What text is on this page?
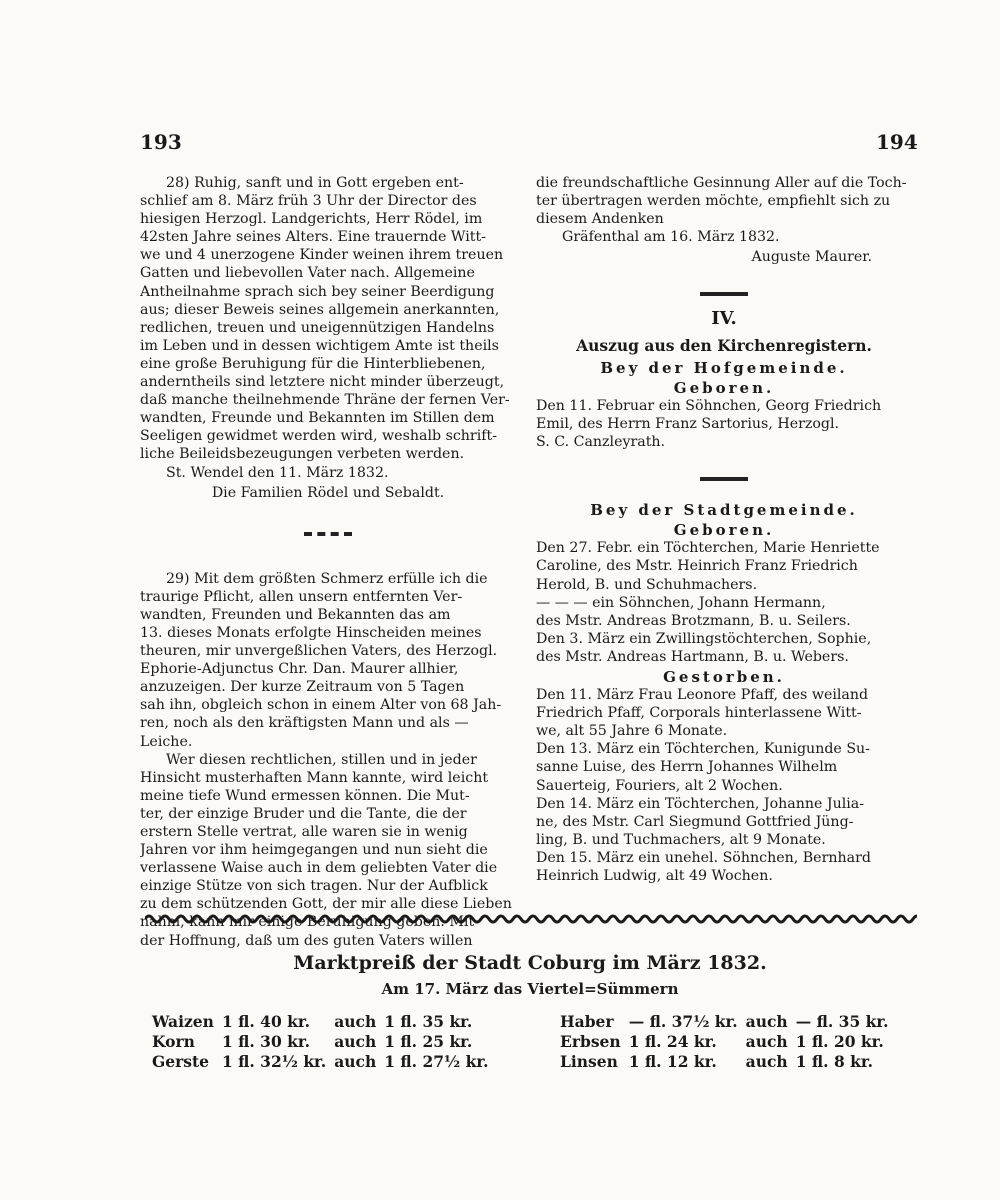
193	194
28) Ruhig, sanft und in Gott ergeben ent-
schlief am 8. März früh 3 Uhr der Director des
hiesigen Herzogl. Landgerichts, Herr Rödel, im
42sten Jahre seines Alters. Eine trauernde Witt-
we und 4 unerzogene Kinder weinen ihrem treuen
Gatten und liebevollen Vater nach. Allgemeine
Antheilnahme sprach sich bey seiner Beerdigung
aus; dieser Beweis seines allgemein anerkannten,
redlichen, treuen und uneigennützigen Handelns
im Leben und in dessen wichtigem Amte ist theils
eine große Beruhigung für die Hinterbliebenen,
anderntheils sind letztere nicht minder überzeugt,
daß manche theilnehmende Thräne der fernen Ver-
wandten, Freunde und Bekannten im Stillen dem
Seeligen gewidmet werden wird, weshalb schrift-
liche Beileidsbezeugungen verbeten werden.

St. Wendel den 11. März 1832.

Die Familien Rödel und Sebaldt.

29) Mit dem größten Schmerz erfülle ich die
traurige Pflicht, allen unsern entfernten Ver-
wandten, Freunden und Bekannten das am
13. dieses Monats erfolgte Hinscheiden meines
theuren, mir unvergeßlichen Vaters, des Herzogl.
Ephorie-Adjunctus Chr. Dan. Maurer allhier,
anzuzeigen. Der kurze Zeitraum von 5 Tagen
sah ihn, obgleich schon in einem Alter von 68 Jah-
ren, noch als den kräftigsten Mann und als —
Leiche.
Wer diesen rechtlichen, stillen und in jeder
Hinsicht musterhaften Mann kannte, wird leicht
meine tiefe Wund ermessen können. Die Mut-
ter, der einzige Bruder und die Tante, die der
erstern Stelle vertrat, alle waren sie in wenig
Jahren vor ihm heimgegangen und nun sieht die
verlassene Waise auch in dem geliebten Vater die
einzige Stütze von sich tragen. Nur der Aufblick
zu dem schützenden Gott, der mir alle diese Lieben
nahm, kann mir einige Beruhigung geben. Mit
der Hoffnung, daß um des guten Vaters willen
die freundschaftliche Gesinnung Aller auf die Toch-
ter übertragen werden möchte, empfiehlt sich zu
diesem Andenken

Gräfenthal am 16. März 1832.

Auguste Maurer.

IV.
Auszug aus den Kirchenregistern.
Bey der Hofgemeinde.
Geboren.

Den 11. Februar ein Söhnchen, Georg Friedrich
Emil, des Herrn Franz Sartorius, Herzogl.
S. C. Canzleyrath.

Bey der Stadtgemeinde.
Geboren.

Den 27. Febr. ein Töchterchen, Marie Henriette
Caroline, des Mstr. Heinrich Franz Friedrich
Herold, B. und Schuhmachers.

— — — ein Söhnchen, Johann Hermann,
des Mstr. Andreas Brotzmann, B. u. Seilers.

Den 3. März ein Zwillingstöchterchen, Sophie,
des Mstr. Andreas Hartmann, B. u. Webers.

Gestorben.

Den 11. März Frau Leonore Pfaff, des weiland
Friedrich Pfaff, Corporals hinterlassene Witt-
we, alt 55 Jahre 6 Monate.

Den 13. März ein Töchterchen, Kunigunde Su-
sanne Luise, des Herrn Johannes Wilhelm
Sauerteig, Fouriers, alt 2 Wochen.

Den 14. März ein Töchterchen, Johanne Julia-
ne, des Mstr. Carl Siegmund Gottfried Jüng-
ling, B. und Tuchmachers, alt 9 Monate.

Den 15. März ein unehel. Söhnchen, Bernhard
Heinrich Ludwig, alt 49 Wochen.

Marktpreiß der Stadt Coburg im März 1832.
Am 17. März das Viertel=Sümmern
Waizen	1 fl. 40 kr.	auch	1 fl. 35 kr.
Korn	1 fl. 30 kr.	auch	1 fl. 25 kr.
Gerste	1 fl. 32½ kr.	auch	1 fl. 27½ kr.
Haber	— fl. 37½ kr.	auch	— fl. 35 kr.
Erbsen	1 fl. 24 kr.	auch	1 fl. 20 kr.
Linsen	1 fl. 12 kr.	auch	1 fl. 8 kr.
